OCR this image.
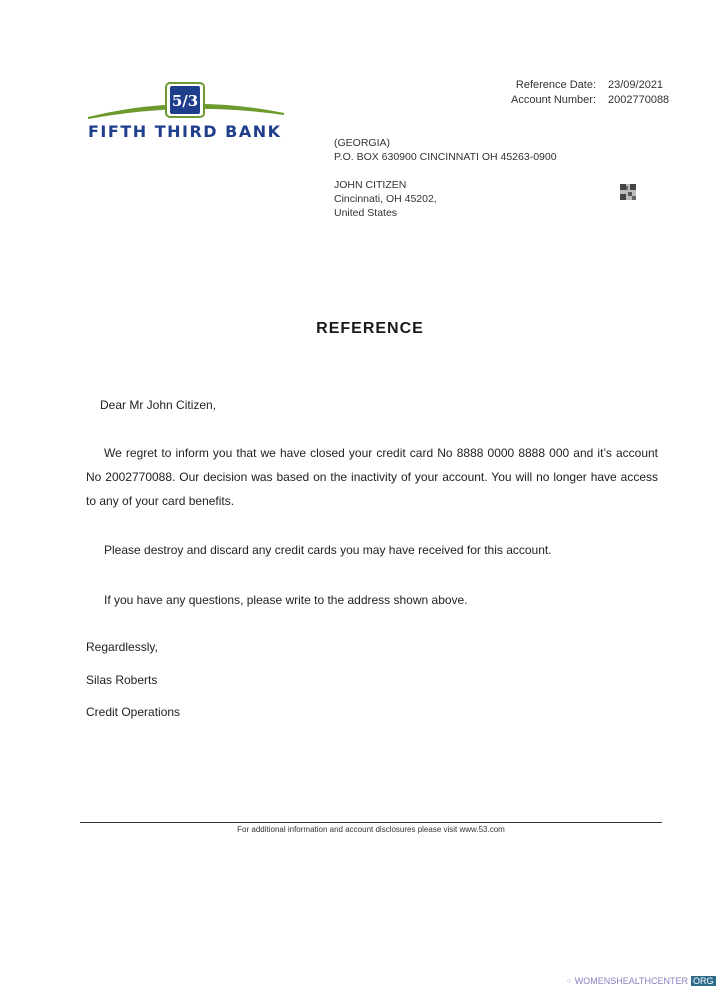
5/3
FIFTH THIRD BANK
Reference Date: 23/09/2021
Account Number: 2002770088
(GEORGIA)
P.O. BOX 630900 CINCINNATI OH 45263-0900
JOHN CITIZEN
Cincinnati, OH 45202,
United States
REFERENCE
Dear Mr John Citizen,
We regret to inform you that we have closed your credit card No 8888 0000 8888 000 and it’s account No 2002770088. Our decision was based on the inactivity of your account. You will no longer have access to any of your card benefits.
Please destroy and discard any credit cards you may have received for this account.
If you have any questions, please write to the address shown above.
Regardlessly,
Silas Roberts
Credit Operations
For additional information and account disclosures please visit www.53.com
⁘ WOMENSHEALTHCENTER ORG
